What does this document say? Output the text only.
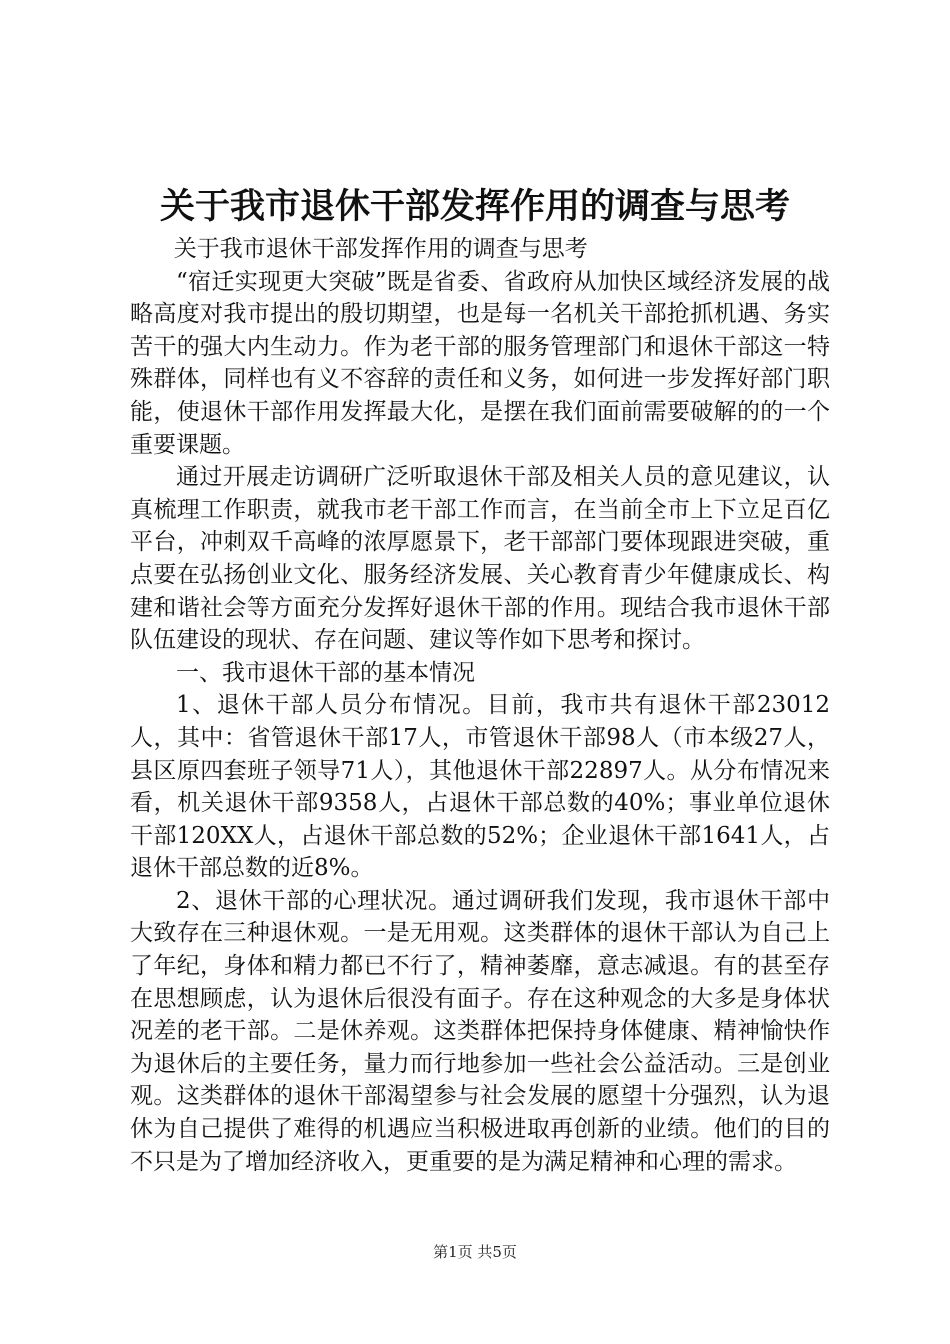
关于我市退休干部发挥作用的调查与思考

关于我市退休干部发挥作用的调查与思考

“宿迁实现更大突破”既是省委、省政府从加快区域经济发展的战略高度对我市提出的殷切期望，也是每一名机关干部抢抓机遇、务实苦干的强大内生动力。作为老干部的服务管理部门和退休干部这一特殊群体，同样也有义不容辞的责任和义务，如何进一步发挥好部门职能，使退休干部作用发挥最大化，是摆在我们面前需要破解的的一个重要课题。

通过开展走访调研广泛听取退休干部及相关人员的意见建议，认真梳理工作职责，就我市老干部工作而言，在当前全市上下立足百亿平台，冲刺双千高峰的浓厚愿景下，老干部部门要体现跟进突破，重点要在弘扬创业文化、服务经济发展、关心教育青少年健康成长、构建和谐社会等方面充分发挥好退休干部的作用。现结合我市退休干部队伍建设的现状、存在问题、建议等作如下思考和探讨。

一、我市退休干部的基本情况

1、退休干部人员分布情况。目前，我市共有退休干部23012人，其中：省管退休干部17人，市管退休干部98人（市本级27人，县区原四套班子领导71人），其他退休干部22897人。从分布情况来看，机关退休干部9358人，占退休干部总数的40%；事业单位退休干部120XX人，占退休干部总数的52%；企业退休干部1641人，占退休干部总数的近8%。

2、退休干部的心理状况。通过调研我们发现，我市退休干部中大致存在三种退休观。一是无用观。这类群体的退休干部认为自己上了年纪，身体和精力都已不行了，精神萎靡，意志减退。有的甚至存在思想顾虑，认为退休后很没有面子。存在这种观念的大多是身体状况差的老干部。二是休养观。这类群体把保持身体健康、精神愉快作为退休后的主要任务，量力而行地参加一些社会公益活动。三是创业观。这类群体的退休干部渴望参与社会发展的愿望十分强烈，认为退休为自己提供了难得的机遇应当积极进取再创新的业绩。他们的目的不只是为了增加经济收入，更重要的是为满足精神和心理的需求。

第1页 共5页
